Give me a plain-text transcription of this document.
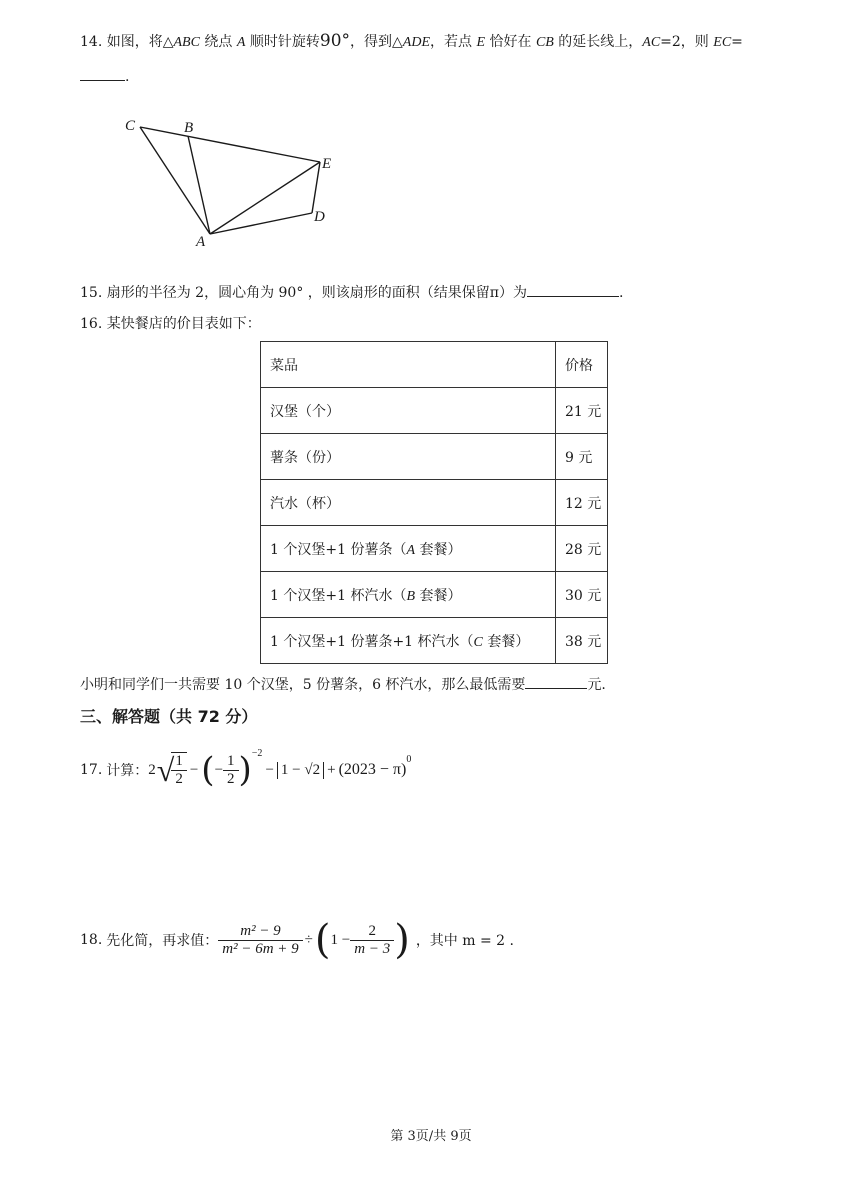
14. 如图，将△ABC 绕点 A 顺时针旋转90°，得到△ADE，若点 E 恰好在 CB 的延长线上，AC=2，则 EC=
.
C	B
E
D
A
15. 扇形的半径为 2，圆心角为 90° ，则该扇形的面积（结果保留π）为	.
16. 某快餐店的价目表如下：
菜品	价格
汉堡（个）	21 元
薯条（份）	9 元
汽水（杯）	12 元
1 个汉堡+1 份薯条（A 套餐）	28 元
1 个汉堡+1 杯汽水（B 套餐）	30 元
1 个汉堡+1 份薯条+1 杯汽水（C 套餐）	38 元
小明和同学们一共需要 10 个汉堡，5 份薯条，6 杯汽水，那么最低需要	元.
三、解答题（共 72 分）
17. 计算： 2 √
$\frac{1}{2}$ − ( − $\frac{1}{2}$ ) −2
− 1 − √2 + (2023 − π)
0
18. 先化简，再求值： $\frac{\text{m² − 9}}{\text{m² − 6m + 9}}$ ÷ ( $1 - \frac{2}{m - 3}$ ) ，其中 m = 2 .
第 3页/共 9页
